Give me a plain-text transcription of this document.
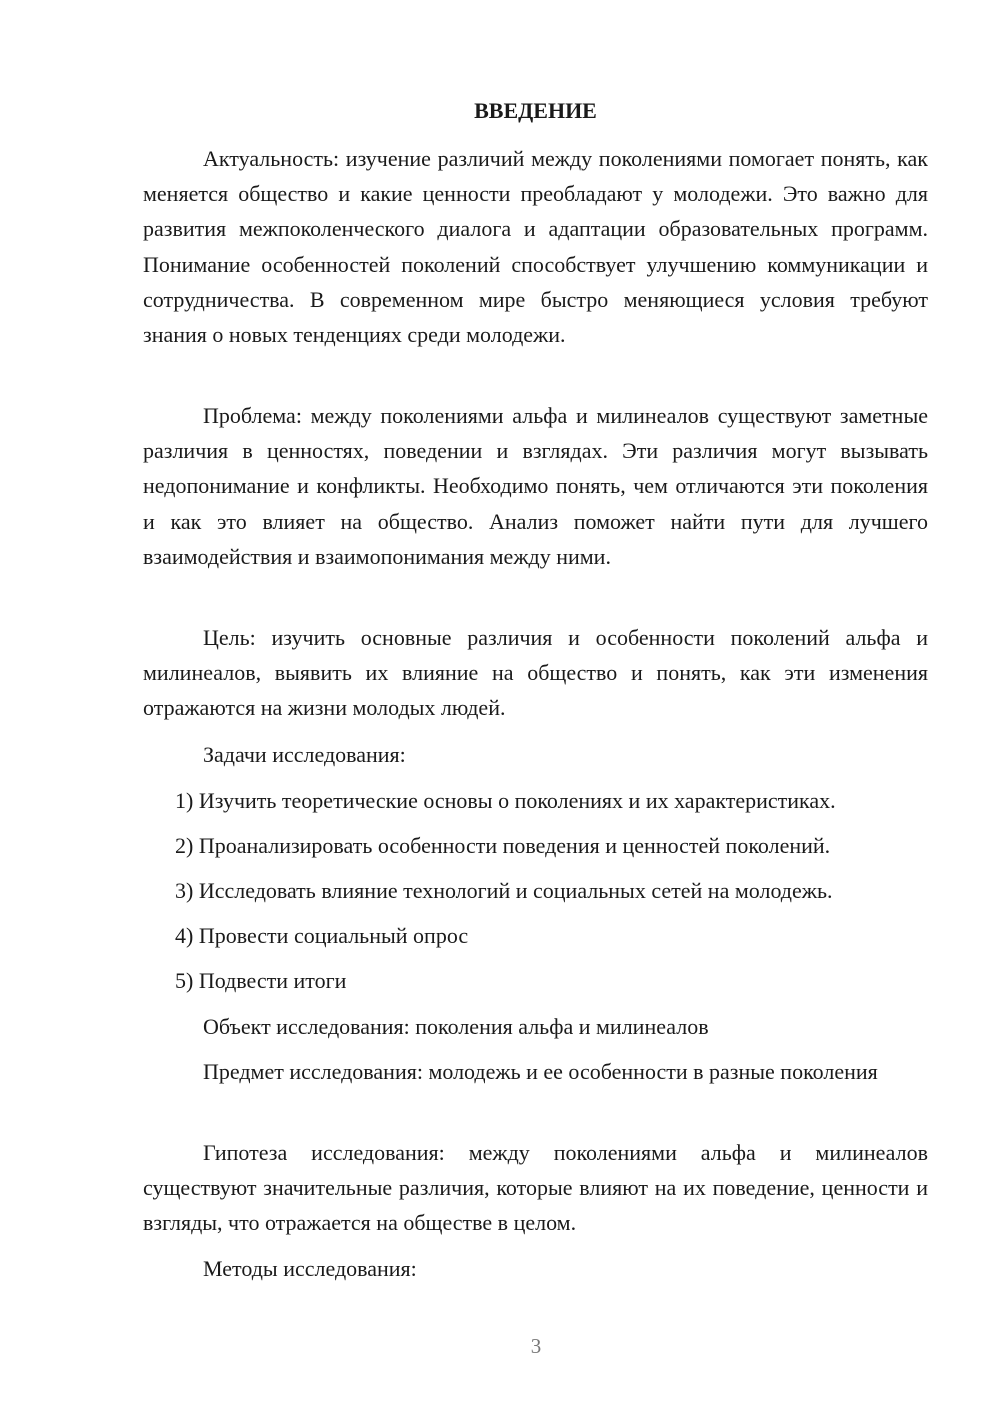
ВВЕДЕНИЕ

Актуальность: изучение различий между поколениями помогает понять, как меняется общество и какие ценности преобладают у молодежи. Это важно для развития межпоколенческого диалога и адаптации образовательных программ. Понимание особенностей поколений способствует улучшению коммуникации и сотрудничества. В современном мире быстро меняющиеся условия требуют знания о новых тенденциях среди молодежи.

Проблема: между поколениями альфа и милинеалов существуют заметные различия в ценностях, поведении и взглядах. Эти различия могут вызывать недопонимание и конфликты. Необходимо понять, чем отличаются эти поколения и как это влияет на общество. Анализ поможет найти пути для лучшего взаимодействия и взаимопонимания между ними.

Цель: изучить основные различия и особенности поколений альфа и милинеалов, выявить их влияние на общество и понять, как эти изменения отражаются на жизни молодых людей.

Задачи исследования:

1) Изучить теоретические основы о поколениях и их характеристиках.

2) Проанализировать особенности поведения и ценностей поколений.

3) Исследовать влияние технологий и социальных сетей на молодежь.

4) Провести социальный опрос

5) Подвести итоги

Объект исследования: поколения альфа и милинеалов

Предмет исследования: молодежь и ее особенности в разные поколения

Гипотеза исследования: между поколениями альфа и милинеалов существуют значительные различия, которые влияют на их поведение, ценности и взгляды, что отражается на обществе в целом.

Методы исследования:

3
